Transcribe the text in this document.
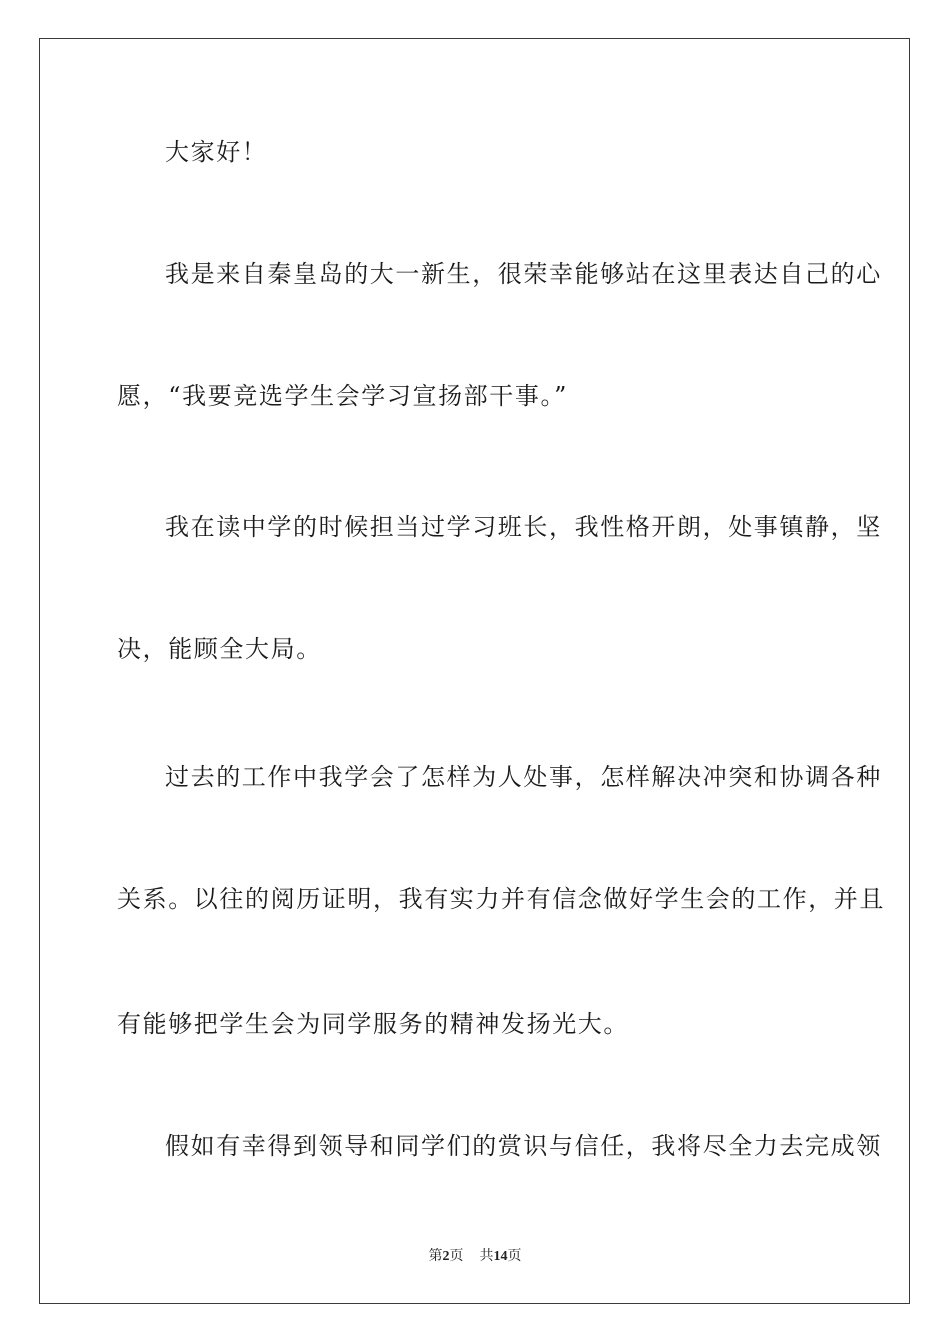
大家好！
我是来自秦皇岛的大一新生，很荣幸能够站在这里表达自己的心
愿，“我要竞选学生会学习宣扬部干事。”
我在读中学的时候担当过学习班长，我性格开朗，处事镇静，坚
决，能顾全大局。
过去的工作中我学会了怎样为人处事，怎样解决冲突和协调各种
关系。以往的阅历证明，我有实力并有信念做好学生会的工作，并且
有能够把学生会为同学服务的精神发扬光大。
假如有幸得到领导和同学们的赏识与信任，我将尽全力去完成领
第2页 共14页
